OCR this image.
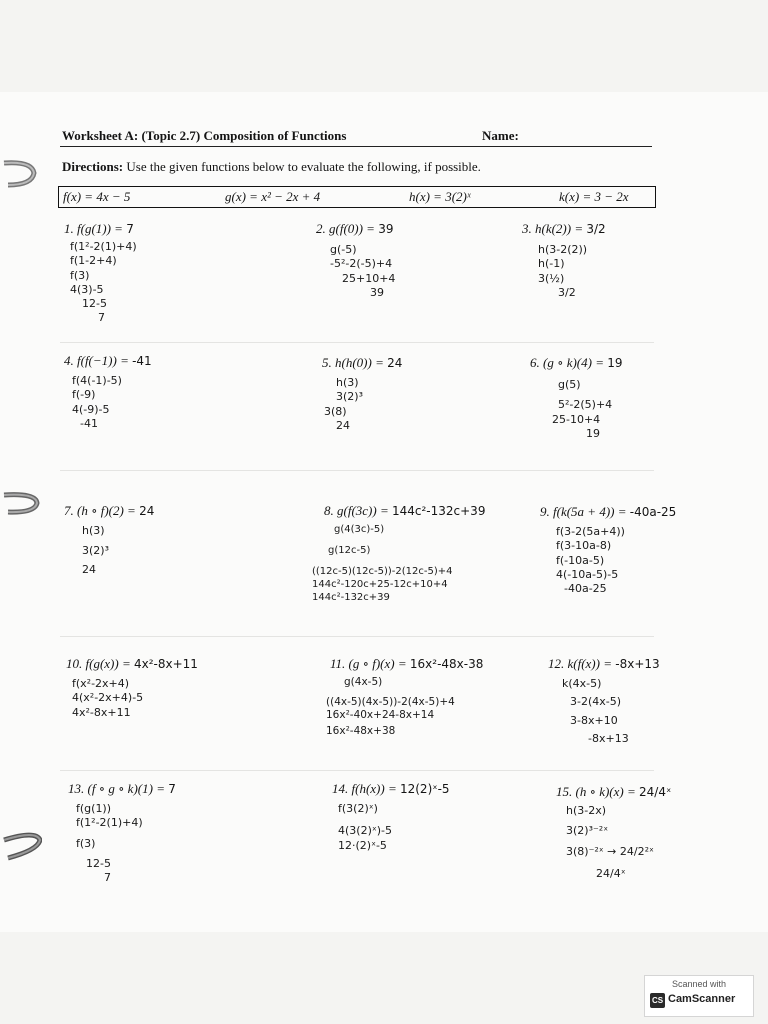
Worksheet A: (Topic 2.7) Composition of Functions	Name:
Directions: Use the given functions below to evaluate the following, if possible.
f(x) = 4x − 5	g(x) = x² − 2x + 4	h(x) = 3(2)ˣ	k(x) = 3 − 2x
1. f(g(1)) = 7
f(1²-2(1)+4)
f(1-2+4)
f(3)
4(3)-5
12-5
7
2. g(f(0)) = 39
g(-5)
-5²-2(-5)+4
25+10+4
39
3. h(k(2)) = 3/2
h(3-2(2))
h(-1)
3(½)
3/2
4. f(f(−1)) = -41
f(4(-1)-5)
f(-9)
4(-9)-5
-41
5. h(h(0)) = 24
h(3)
3(2)³
3(8)
24
6. (g ∘ k)(4) = 19
g(5)
5²-2(5)+4
25-10+4
19
7. (h ∘ f)(2) = 24
h(3)
3(2)³
24
8. g(f(3c)) = 144c²-132c+39
g(4(3c)-5)
g(12c-5)
((12c-5)(12c-5))-2(12c-5)+4
144c²-120c+25-12c+10+4
144c²-132c+39
9. f(k(5a + 4)) = -40a-25
f(3-2(5a+4))
f(3-10a-8)
f(-10a-5)
4(-10a-5)-5
-40a-25
10. f(g(x)) = 4x²-8x+11
f(x²-2x+4)
4(x²-2x+4)-5
4x²-8x+11
11. (g ∘ f)(x) = 16x²-48x-38
g(4x-5)
((4x-5)(4x-5))-2(4x-5)+4
16x²-40x+24-8x+14
16x²-48x+38
12. k(f(x)) = -8x+13
k(4x-5)
3-2(4x-5)
3-8x+10
-8x+13
13. (f ∘ g ∘ k)(1) = 7
f(g(1))
f(1²-2(1)+4)
f(3)
12-5
7
14. f(h(x)) = 12(2)ˣ-5
f(3(2)ˣ)
4(3(2)ˣ)-5
12·(2)ˣ-5
15. (h ∘ k)(x) = 24/4ˣ
h(3-2x)
3(2)³⁻²ˣ
3(8)⁻²ˣ → 24/2²ˣ
24/4ˣ
Scanned with
CS CamScanner
